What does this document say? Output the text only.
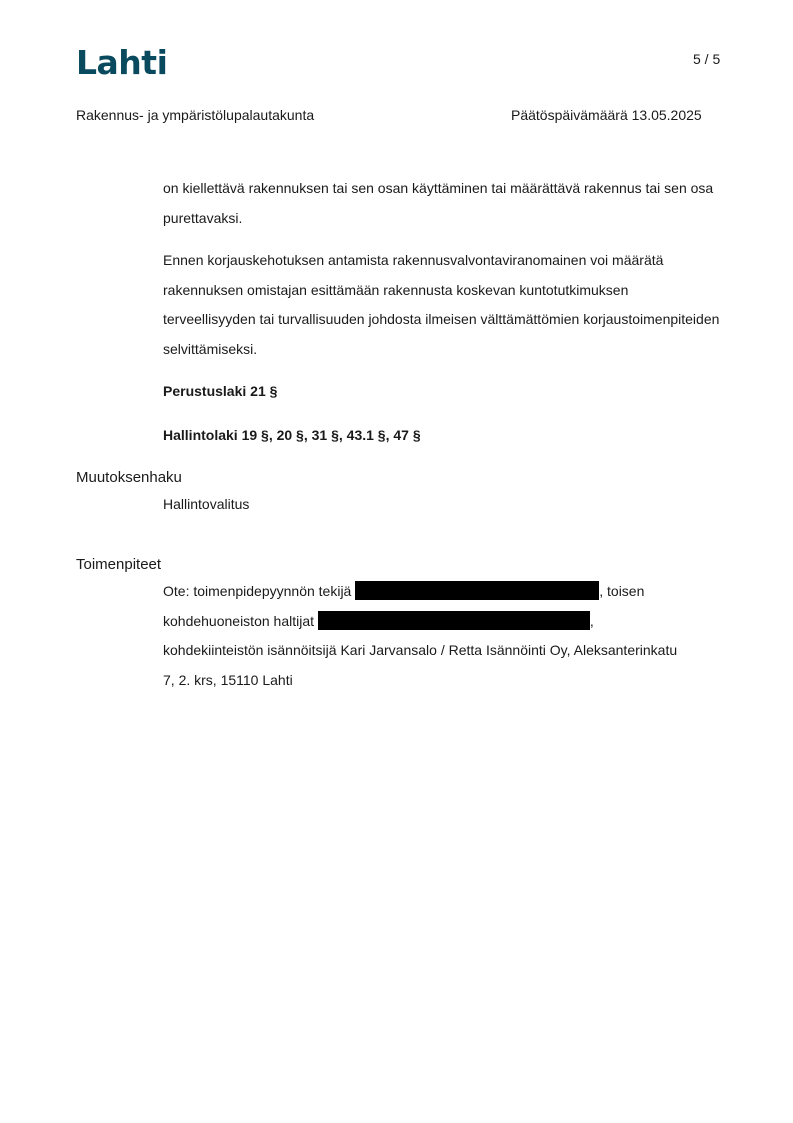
Lahti	5 / 5
Rakennus- ja ympäristölupalautakunta	Päätöspäivämäärä 13.05.2025

on kiellettävä rakennuksen tai sen osan käyttäminen tai määrättävä rakennus tai sen osa purettavaksi.

Ennen korjauskehotuksen antamista rakennusvalvontaviranomainen voi määrätä rakennuksen omistajan esittämään rakennusta koskevan kuntotutkimuksen terveellisyyden tai turvallisuuden johdosta ilmeisen välttämättömien korjaustoimenpiteiden selvittämiseksi.

Perustuslaki 21 §
Hallintolaki 19 §, 20 §, 31 §, 43.1 §, 47 §
Muutoksenhaku
Hallintovalitus
Toimenpiteet
Ote: toimenpidepyynnön tekijä	, toisen
kohdehuoneiston haltijat	,
kohdekiinteistön isännöitsijä Kari Jarvansalo / Retta Isännöinti Oy, Aleksanterinkatu
7, 2. krs, 15110 Lahti
